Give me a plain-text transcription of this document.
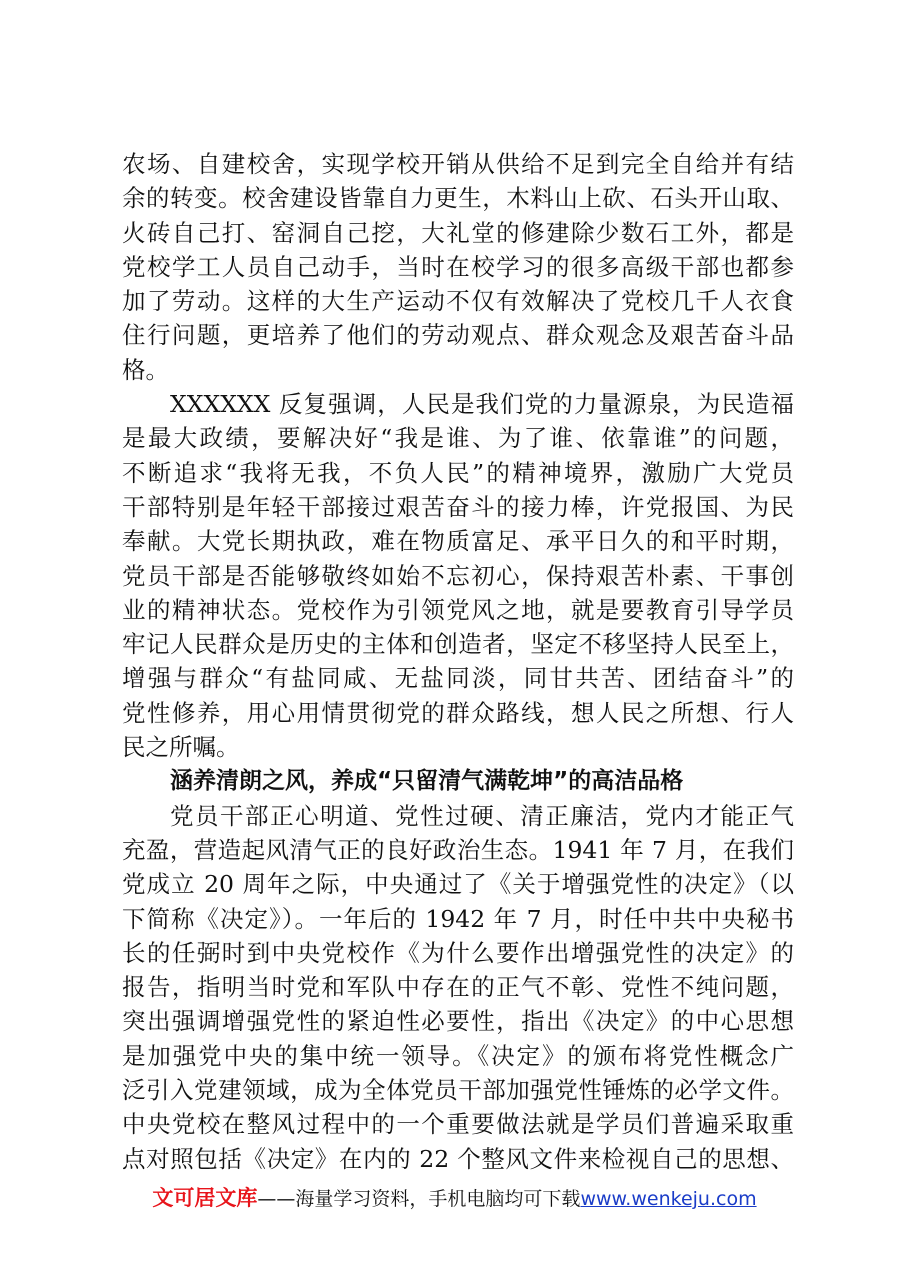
农场、自建校舍，实现学校开销从供给不足到完全自给并有结
余的转变。校舍建设皆靠自力更生，木料山上砍、石头开山取、
火砖自己打、窑洞自己挖，大礼堂的修建除少数石工外，都是
党校学工人员自己动手，当时在校学习的很多高级干部也都参
加了劳动。这样的大生产运动不仅有效解决了党校几千人衣食
住行问题，更培养了他们的劳动观点、群众观念及艰苦奋斗品
格。
XXXXXX 反复强调，人民是我们党的力量源泉，为民造福
是最大政绩，要解决好“我是谁、为了谁、依靠谁”的问题，
不断追求“我将无我，不负人民”的精神境界，激励广大党员
干部特别是年轻干部接过艰苦奋斗的接力棒，许党报国、为民
奉献。大党长期执政，难在物质富足、承平日久的和平时期，
党员干部是否能够敬终如始不忘初心，保持艰苦朴素、干事创
业的精神状态。党校作为引领党风之地，就是要教育引导学员
牢记人民群众是历史的主体和创造者，坚定不移坚持人民至上，
增强与群众“有盐同咸、无盐同淡，同甘共苦、团结奋斗”的
党性修养，用心用情贯彻党的群众路线，想人民之所想、行人
民之所嘱。
涵养清朗之风，养成“只留清气满乾坤”的高洁品格
党员干部正心明道、党性过硬、清正廉洁，党内才能正气
充盈，营造起风清气正的良好政治生态。1941 年 7 月，在我们
党成立 20 周年之际，中央通过了《关于增强党性的决定》（以
下简称《决定》）。一年后的 1942 年 7 月，时任中共中央秘书
长的任弼时到中央党校作《为什么要作出增强党性的决定》的
报告，指明当时党和军队中存在的正气不彰、党性不纯问题，
突出强调增强党性的紧迫性必要性，指出《决定》的中心思想
是加强党中央的集中统一领导。《决定》的颁布将党性概念广
泛引入党建领域，成为全体党员干部加强党性锤炼的必学文件。
中央党校在整风过程中的一个重要做法就是学员们普遍采取重
点对照包括《决定》在内的 22 个整风文件来检视自己的思想、
文可居文库——海量学习资料，手机电脑均可下载www.wenkeju.com
